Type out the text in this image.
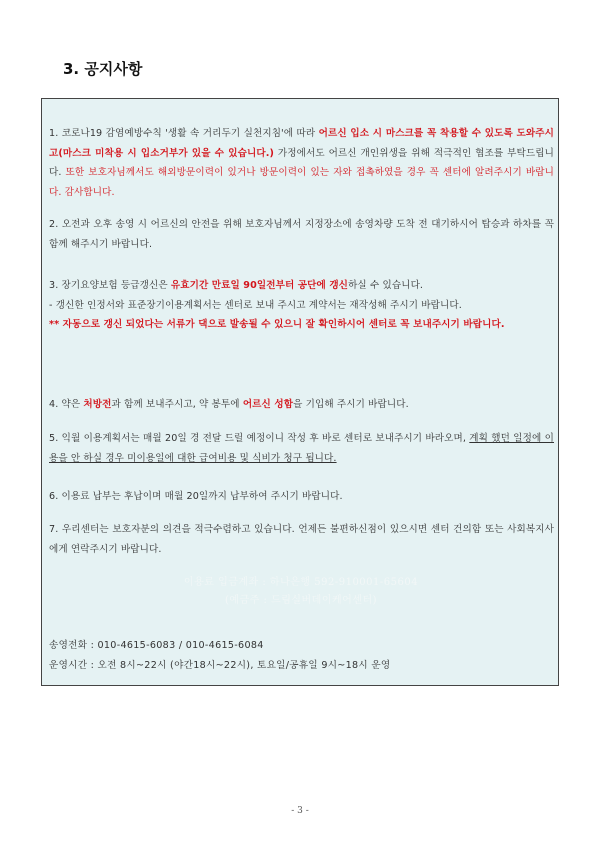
3. 공지사항
1. 코로나19 감염예방수칙 '생활 속 거리두기 실천지침'에 따라 어르신 입소 시 마스크를 꼭 착용할 수 있도록 도와주시고(마스크 미착용 시 입소거부가 있을 수 있습니다.) 가정에서도 어르신 개인위생을 위해 적극적인 협조를 부탁드립니다. 또한 보호자님께서도 해외방문이력이 있거나 방문이력이 있는 자와 접촉하였을 경우 꼭 센터에 알려주시기 바랍니다. 감사합니다.
2. 오전과 오후 송영 시 어르신의 안전을 위해 보호자님께서 지정장소에 송영차량 도착 전 대기하시어 탑승과 하차를 꼭 함께 해주시기 바랍니다.
3. 장기요양보험 등급갱신은 유효기간 만료일 90일전부터 공단에 갱신하실 수 있습니다.
- 갱신한 인정서와 표준장기이용계획서는 센터로 보내 주시고 계약서는 재작성해 주시기 바랍니다.
** 자동으로 갱신 되었다는 서류가 댁으로 발송될 수 있으니 잘 확인하시어 센터로 꼭 보내주시기 바랍니다.
4. 약은 처방전과 함께 보내주시고, 약 봉투에 어르신 성함을 기입해 주시기 바랍니다.
5. 익월 이용계획서는 매월 20일 경 전달 드릴 예정이니 작성 후 바로 센터로 보내주시기 바라오며, 계획 했던 일정에 이용을 안 하실 경우 미이용일에 대한 급여비용 및 식비가 청구 됩니다.
6. 이용료 납부는 후납이며 매월 20일까지 납부하여 주시기 바랍니다.
7. 우리센터는 보호자분의 의견을 적극수렴하고 있습니다. 언제든 불편하신점이 있으시면 센터 건의함 또는 사회복지사에게 연락주시기 바랍니다.
이용료 입금계좌 : 하나은행 592-910001-65604
(예금주 : 드림실버데이케어센터)
송영전화 : 010-4615-6083 / 010-4615-6084
운영시간 : 오전 8시~22시 (야간18시~22시), 토요일/공휴일 9시~18시 운영
- 3 -
